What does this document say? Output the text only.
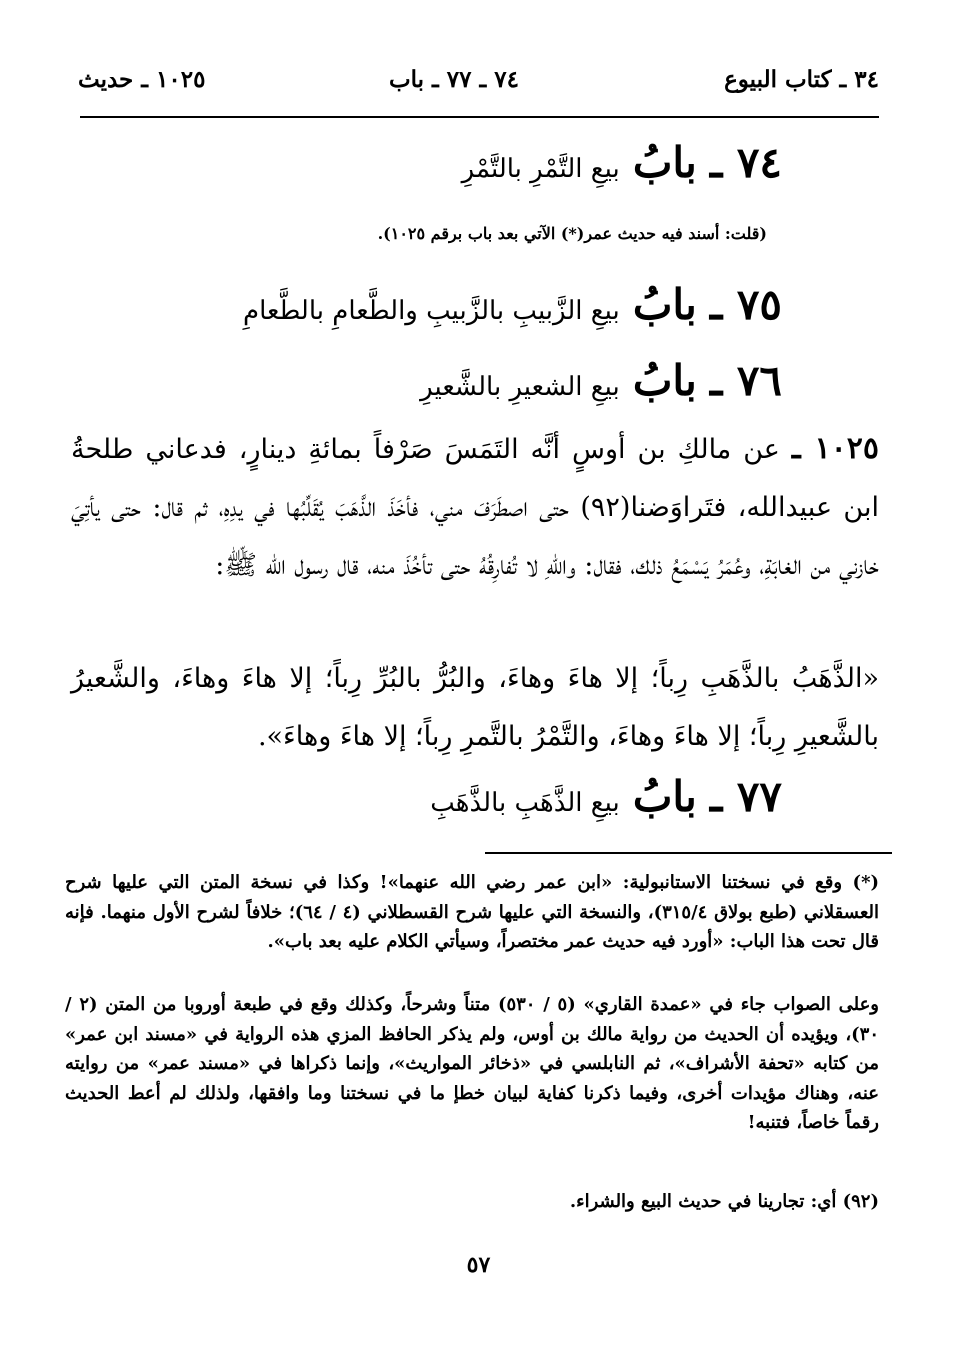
٣٤ ـ كتاب البيوع
٧٤ ـ ٧٧ ـ باب
١٠٢٥ ـ حديث
٧٤ ـ بابُ بيعِ التَّمْرِ بالتَّمْرِ
(قلت: أسند فيه حديث عمر(*) الآتي بعد باب برقم ١٠٢٥).
٧٥ ـ بابُ بيعِ الزَّبيبِ بالزَّبيبِ والطَّعامِ بالطَّعامِ
٧٦ ـ بابُ بيعِ الشعيرِ بالشَّعيرِ
١٠٢٥ ـ عن مالكِ بن أوسٍ أنَّه التَمَسَ صَرْفاً بمائةِ دينارٍ، فدعاني طلحةُ ابن عبيدالله، فتَراوَضنا(٩٢) حتى اصطَرَفَ مني، فأخَذَ الذَّهَبَ يُقَلِّبُها في يدِهِ، ثم قال: حتى يأتِيَ خازني من الغابَةِ، وعُمَرُ يَسْمَعُ ذلك، فقال: واللهِ لا تُفارِقُهُ حتى تأخُذَ منه، قال رسول الله ﷺ:
«الذَّهَبُ بالذَّهَبِ رِباً؛ إلا هاءَ وهاءَ، والبُرُّ بالبُرِّ رِباً؛ إلا هاءَ وهاءَ، والشَّعيرُ بالشَّعيرِ رِباً؛ إلا هاءَ وهاءَ، والتَّمْرُ بالتَّمرِ رِباً؛ إلا هاءَ وهاءَ».
٧٧ ـ بابُ بيعِ الذَّهَبِ بالذَّهَبِ
(*) وقع في نسختنا الاستانبولية: «ابن عمر رضي الله عنهما»! وكذا في نسخة المتن التي عليها شرح العسقلاني (طبع بولاق ٣١٥/٤)، والنسخة التي عليها شرح القسطلاني (٤ / ٦٤)؛ خلافاً لشرح الأول منهما. فإنه قال تحت هذا الباب: «أورد فيه حديث عمر مختصراً، وسيأتي الكلام عليه بعد باب».
وعلى الصواب جاء في «عمدة القاري» (٥ / ٥٣٠) متناً وشرحاً، وكذلك وقع في طبعة أوروبا من المتن (٢ / ٣٠)، ويؤيده أن الحديث من رواية مالك بن أوس، ولم يذكر الحافظ المزي هذه الرواية في «مسند ابن عمر» من كتابه «تحفة الأشراف»، ثم النابلسي في «ذخائر المواريث»، وإنما ذكراها في «مسند عمر» من روايته عنه، وهناك مؤيدات أخرى، وفيما ذكرنا كفاية لبيان خطإ ما في نسختنا وما وافقها، ولذلك لم أعط الحديث رقماً خاصاً، فتنبه!
(٩٢) أي: تجارينا في حديث البيع والشراء.
٥٧
